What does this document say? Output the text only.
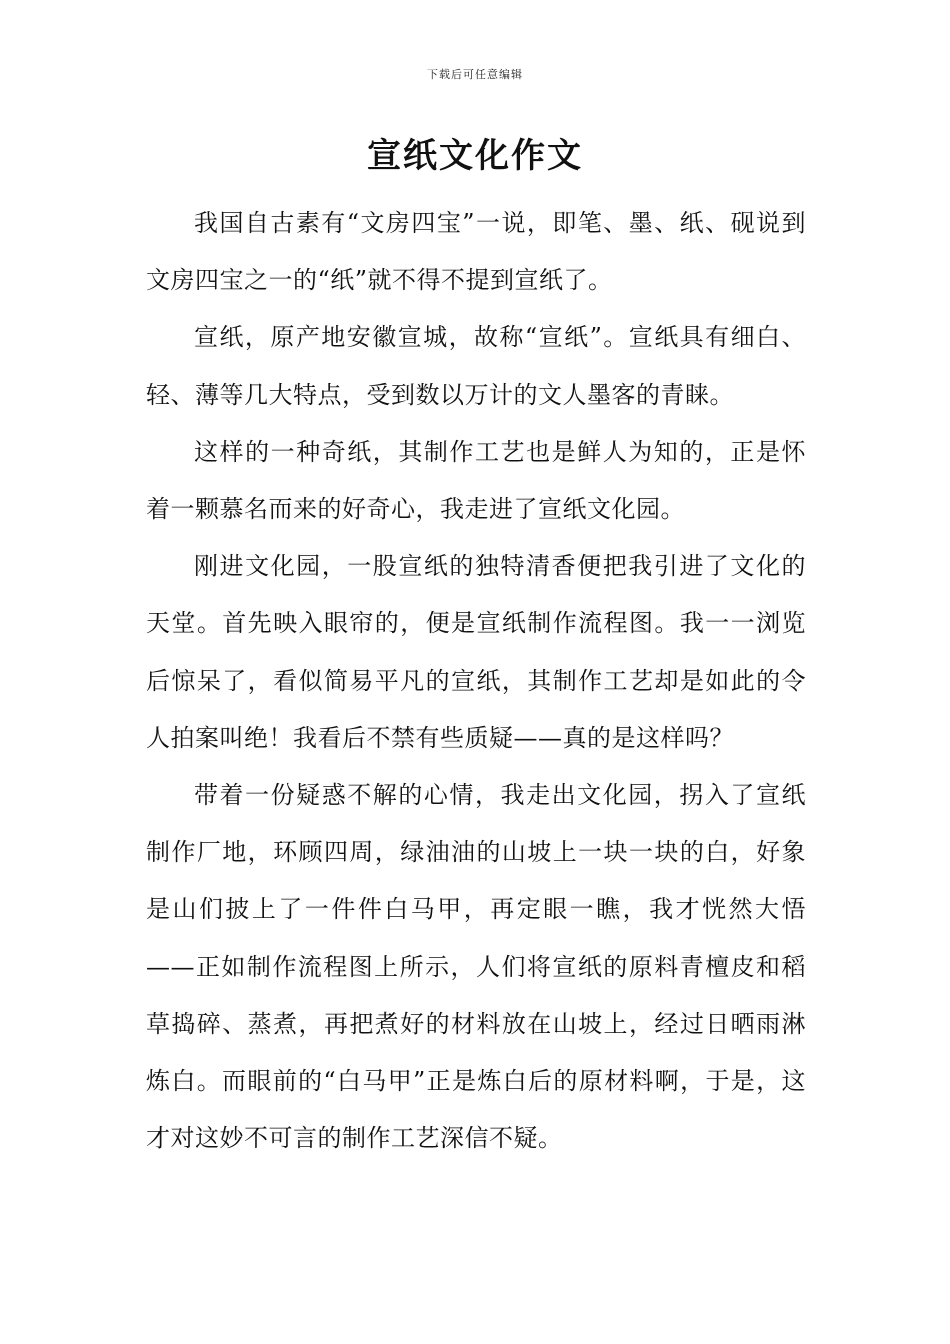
下载后可任意编辑
宣纸文化作文

我国自古素有“文房四宝”一说，即笔、墨、纸、砚说到文房四宝之一的“纸”就不得不提到宣纸了。

宣纸，原产地安徽宣城，故称“宣纸”。宣纸具有细白、轻、薄等几大特点，受到数以万计的文人墨客的青睐。

这样的一种奇纸，其制作工艺也是鲜人为知的，正是怀着一颗慕名而来的好奇心，我走进了宣纸文化园。

刚进文化园，一股宣纸的独特清香便把我引进了文化的天堂。首先映入眼帘的，便是宣纸制作流程图。我一一浏览后惊呆了，看似简易平凡的宣纸，其制作工艺却是如此的令人拍案叫绝！我看后不禁有些质疑——真的是这样吗？

带着一份疑惑不解的心情，我走出文化园，拐入了宣纸制作厂地，环顾四周，绿油油的山坡上一块一块的白，好象是山们披上了一件件白马甲，再定眼一瞧，我才恍然大悟——正如制作流程图上所示，人们将宣纸的原料青檀皮和稻草捣碎、蒸煮，再把煮好的材料放在山坡上，经过日晒雨淋炼白。而眼前的“白马甲”正是炼白后的原材料啊，于是，这才对这妙不可言的制作工艺深信不疑。
